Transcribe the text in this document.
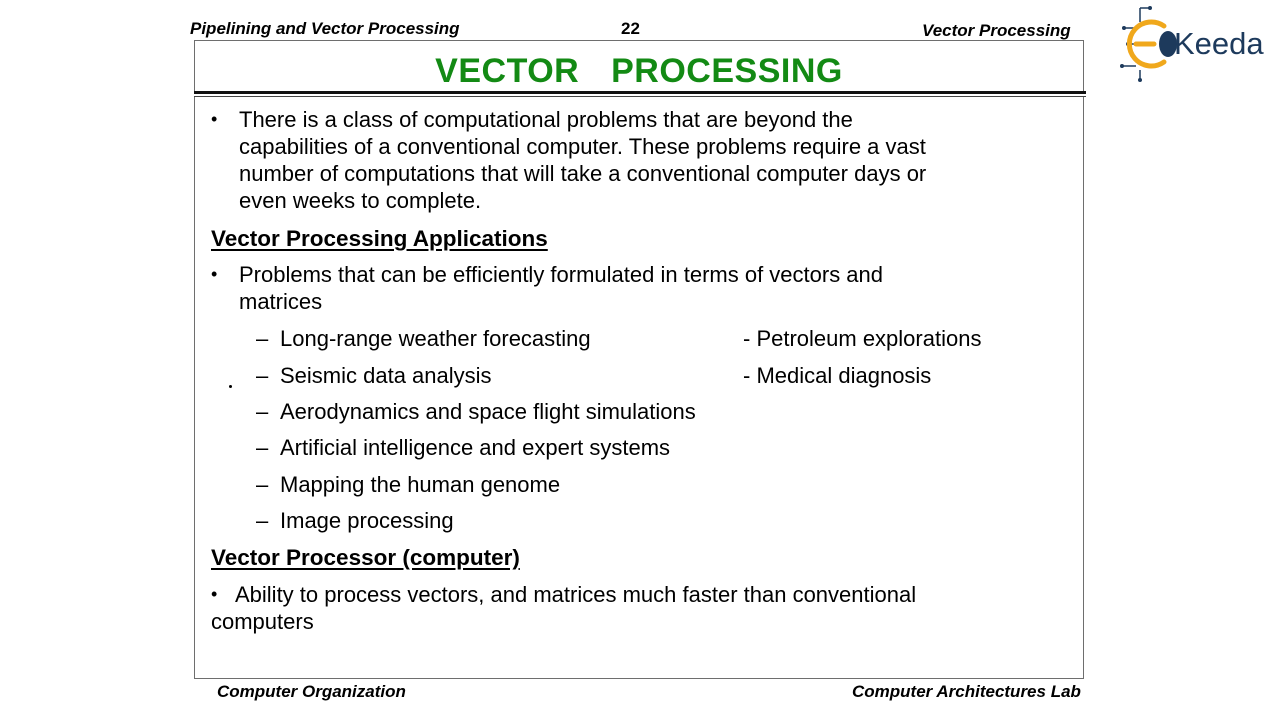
Pipelining and Vector Processing	22	Vector Processing	Keeda
VECTOR  PROCESSING
• There is a class of computational problems that are beyond the
capabilities of a conventional computer. These problems require a vast
number of computations that will take a conventional computer days or
even weeks to complete.
Vector Processing Applications
• Problems that can be efficiently formulated in terms of vectors and
matrices
– Long-range weather forecasting	- Petroleum explorations
– Seismic data analysis	- Medical diagnosis
– Aerodynamics and space flight simulations
– Artificial intelligence and expert systems
– Mapping the human genome
– Image processing
Vector Processor (computer)
• Ability to process vectors, and matrices much faster than conventional
computers
Computer Organization	Computer Architectures Lab
